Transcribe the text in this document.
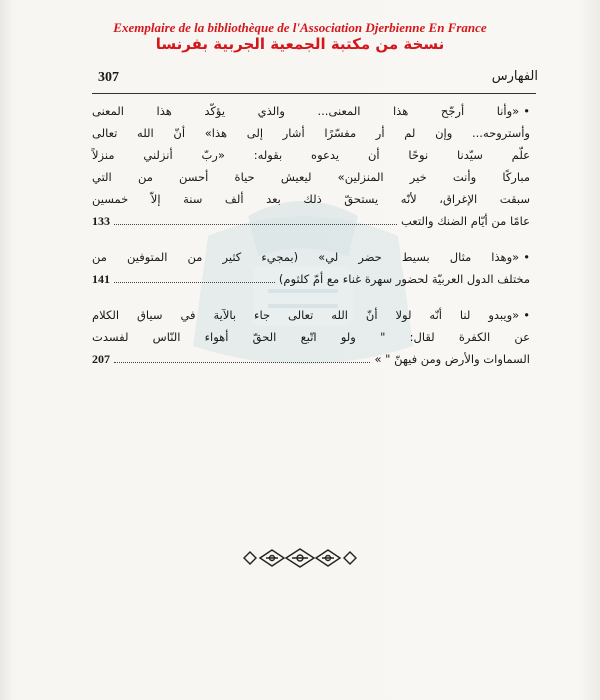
Exemplaire de la bibliothèque de l'Association Djerbienne En France
نسخة من مكتبة الجمعية الجربية بفرنسا
307	الفهارس
•«وأنا أرجّح هذا المعنى... والذي يؤكّد هذا المعنى
وأستروحه... وإن لم أر مفسّرًا أشار إلى هذا» أنّ الله تعالى
علّم سيّدنا نوحًا أن يدعوه بقوله: «ربّ أنزلني منزلاً
مباركًا وأنت خير المنزلين» ليعيش حياة أحسن من التي
سبقت الإغراق، لأنّه يستحقّ ذلك بعد ألف سنة إلاّ خمسين
عامًا من أيّام الضنك والتعب
133
•«وهذا مثال بسيط حضر لي» (بمجيء كثير من المتوفين من
مختلف الدول العربيّة لحضور سهرة غناء مع أمّ كلثوم)
141
•«ويبدو لنا أنّه لولا أنّ الله تعالى جاء بالآية في سياق الكلام
عن الكفرة لقال: " ولو اتّبع الحقّ أهواء النّاس لفسدت
السماوات والأرض ومن فيهنّ " »
207
